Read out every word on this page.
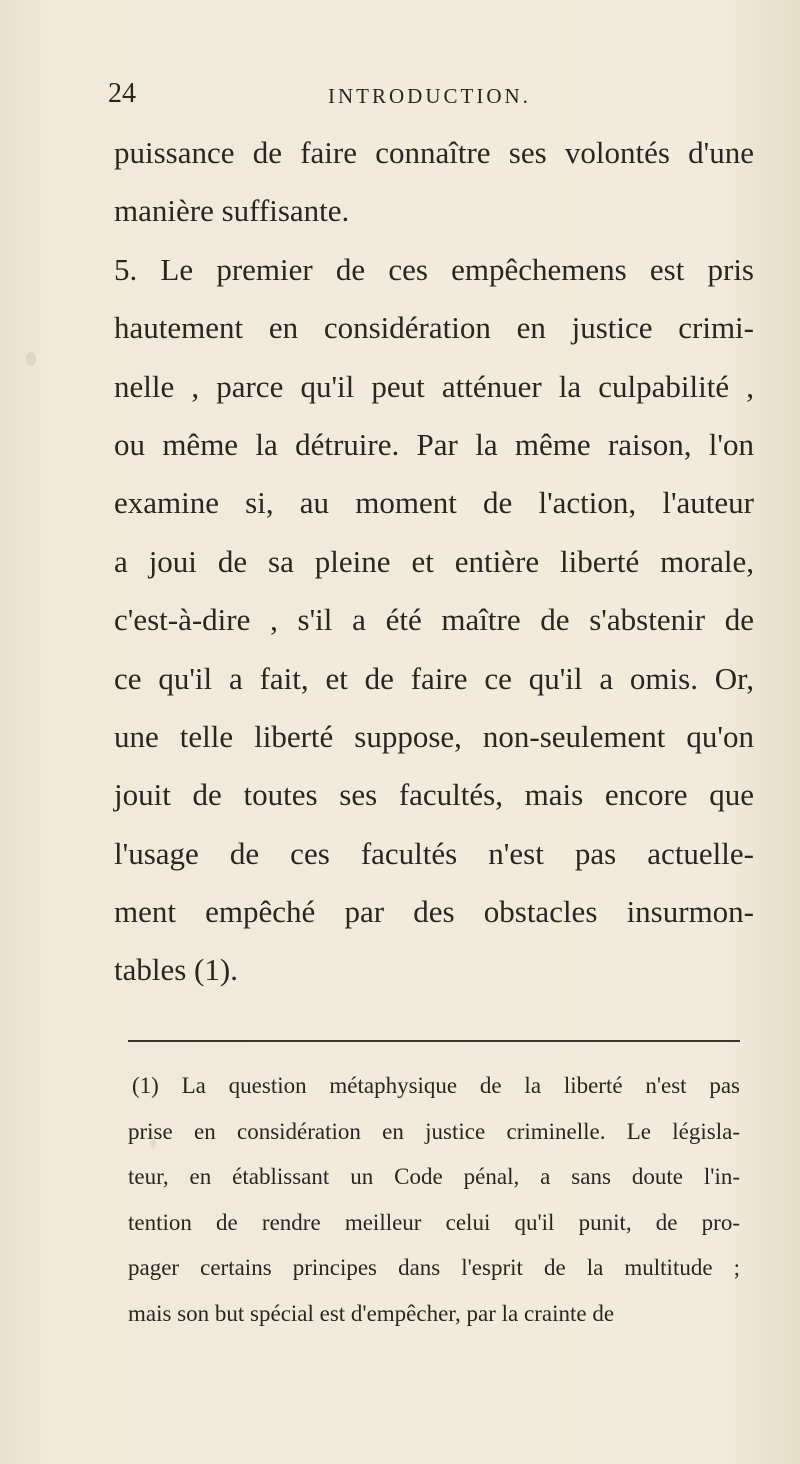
24	INTRODUCTION.
puissance de faire connaître ses volontés d'une
manière suffisante.
5. Le premier de ces empêchemens est pris
hautement en considération en justice crimi-
nelle , parce qu'il peut atténuer la culpabilité ,
ou même la détruire. Par la même raison, l'on
examine si, au moment de l'action, l'auteur
a joui de sa pleine et entière liberté morale,
c'est-à-dire , s'il a été maître de s'abstenir de
ce qu'il a fait, et de faire ce qu'il a omis. Or,
une telle liberté suppose, non-seulement qu'on
jouit de toutes ses facultés, mais encore que
l'usage de ces facultés n'est pas actuelle-
ment empêché par des obstacles insurmon-
tables (1).
(1) La question métaphysique de la liberté n'est pas
prise en considération en justice criminelle. Le législa-
teur, en établissant un Code pénal, a sans doute l'in-
tention de rendre meilleur celui qu'il punit, de pro-
pager certains principes dans l'esprit de la multitude ;
mais son but spécial est d'empêcher, par la crainte de
